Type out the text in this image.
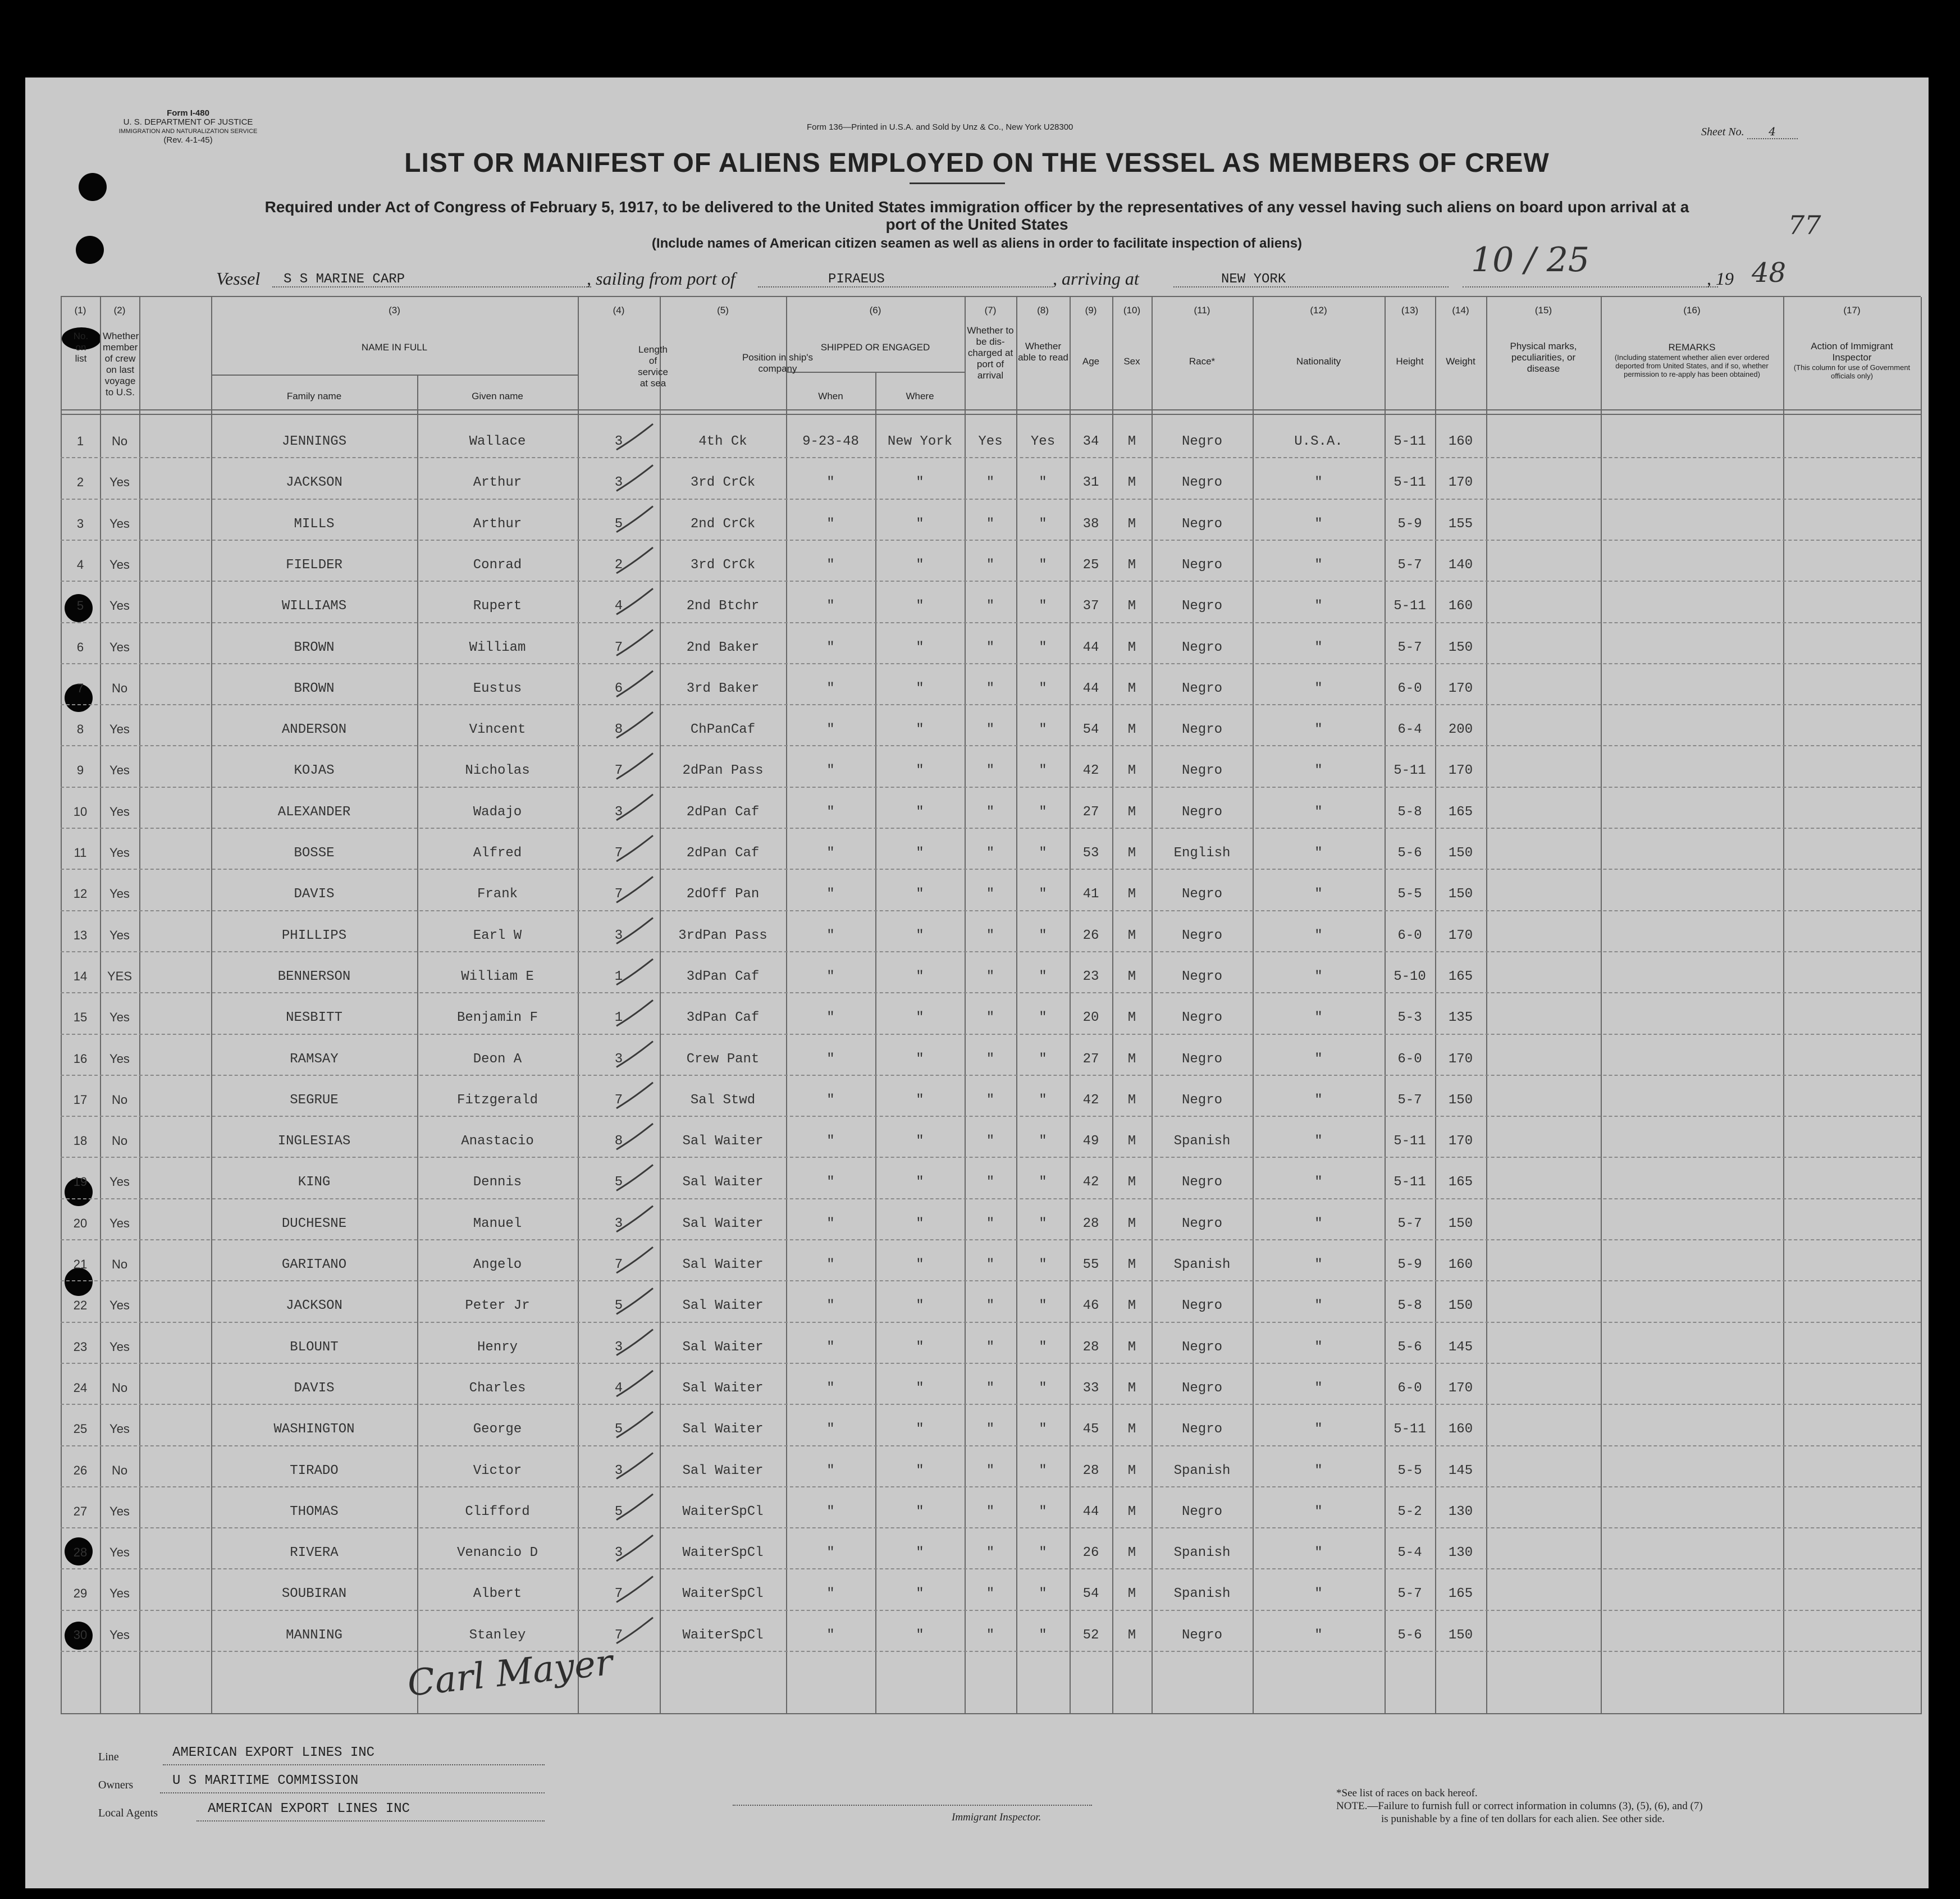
Form I-480
U. S. DEPARTMENT OF JUSTICE
IMMIGRATION AND NATURALIZATION SERVICE
(Rev. 4-1-45)
Form 136—Printed in U.S.A. and Sold by Unz & Co., New York U28300	Sheet No. 4
LIST OR MANIFEST OF ALIENS EMPLOYED ON THE VESSEL AS MEMBERS OF CREW
Required under Act of Congress of February 5, 1917, to be delivered to the United States immigration officer by the representatives of any vessel having such aliens on board upon arrival at a
port of the United States
(Include names of American citizen seamen as well as aliens in order to facilitate inspection of aliens)
77
Vessel S S MARINE CARP	, sailing from port of	PIRAEUS	, arriving at	NEW YORK	10 / 25	, 19 48
(1)	(2)	(3)	(4)	(5)	(6)	(7)	(8)	(9)	(10)	(11)	(12)	(13)	(14)	(15)	(16)	(17)
No. on list
Whether member of crew on last voyage to U.S.
NAME IN FULL
Family name	Given name
Length of service at sea
Position in ship's company
SHIPPED OR ENGAGED
When	Where
Whether to be dis-charged at port of arrival
Whether able to read	Age	Sex	Race*	Nationality	Height	Weight
Physical marks, peculiarities, or disease
REMARKS
(Including statement whether alien ever ordered deported from United States, and if so, whether permission to re-apply has been obtained)
Action of Immigrant Inspector
(This column for use of Government officials only)
1	No	JENNINGS	Wallace	3	4th Ck	9-23-48	New York	Yes	Yes	34	M	Negro	U.S.A.	5-11	160
2	Yes	JACKSON	Arthur	3	3rd CrCk	"	"	"	"	31	M	Negro	"	5-11	170
3	Yes	MILLS	Arthur	5	2nd CrCk	"	"	"	"	38	M	Negro	"	5-9	155
4	Yes	FIELDER	Conrad	2	3rd CrCk	"	"	"	"	25	M	Negro	"	5-7	140
5	Yes	WILLIAMS	Rupert	4	2nd Btchr	"	"	"	"	37	M	Negro	"	5-11	160
6	Yes	BROWN	William	7	2nd Baker	"	"	"	"	44	M	Negro	"	5-7	150
7	No	BROWN	Eustus	6	3rd Baker	"	"	"	"	44	M	Negro	"	6-0	170
8	Yes	ANDERSON	Vincent	8	ChPanCaf	"	"	"	"	54	M	Negro	"	6-4	200
9	Yes	KOJAS	Nicholas	7	2dPan Pass	"	"	"	"	42	M	Negro	"	5-11	170
10	Yes	ALEXANDER	Wadajo	3	2dPan Caf	"	"	"	"	27	M	Negro	"	5-8	165
11	Yes	BOSSE	Alfred	7	2dPan Caf	"	"	"	"	53	M	English	"	5-6	150
12	Yes	DAVIS	Frank	7	2dOff Pan	"	"	"	"	41	M	Negro	"	5-5	150
13	Yes	PHILLIPS	Earl W	3	3rdPan Pass	"	"	"	"	26	M	Negro	"	6-0	170
14	YES	BENNERSON	William E	1	3dPan Caf	"	"	"	"	23	M	Negro	"	5-10	165
15	Yes	NESBITT	Benjamin F	1	3dPan Caf	"	"	"	"	20	M	Negro	"	5-3	135
16	Yes	RAMSAY	Deon A	3	Crew Pant	"	"	"	"	27	M	Negro	"	6-0	170
17	No	SEGRUE	Fitzgerald	7	Sal Stwd	"	"	"	"	42	M	Negro	"	5-7	150
18	No	INGLESIAS	Anastacio	8	Sal Waiter	"	"	"	"	49	M	Spanish	"	5-11	170
19	Yes	KING	Dennis	5	Sal Waiter	"	"	"	"	42	M	Negro	"	5-11	165
20	Yes	DUCHESNE	Manuel	3	Sal Waiter	"	"	"	"	28	M	Negro	"	5-7	150
21	No	GARITANO	Angelo	7	Sal Waiter	"	"	"	"	55	M	Spanish	"	5-9	160
22	Yes	JACKSON	Peter Jr	5	Sal Waiter	"	"	"	"	46	M	Negro	"	5-8	150
23	Yes	BLOUNT	Henry	3	Sal Waiter	"	"	"	"	28	M	Negro	"	5-6	145
24	No	DAVIS	Charles	4	Sal Waiter	"	"	"	"	33	M	Negro	"	6-0	170
25	Yes	WASHINGTON	George	5	Sal Waiter	"	"	"	"	45	M	Negro	"	5-11	160
26	No	TIRADO	Victor	3	Sal Waiter	"	"	"	"	28	M	Spanish	"	5-5	145
27	Yes	THOMAS	Clifford	5	WaiterSpCl	"	"	"	"	44	M	Negro	"	5-2	130
28	Yes	RIVERA	Venancio D	3	WaiterSpCl	"	"	"	"	26	M	Spanish	"	5-4	130
29	Yes	SOUBIRAN	Albert	7	WaiterSpCl	"	"	"	"	54	M	Spanish	"	5-7	165
30	Yes	MANNING	Stanley	7	WaiterSpCl	"	"	"	"	52	M	Negro	"	5-6	150
Carl Mayer
Line	AMERICAN EXPORT LINES INC
Owners	U S MARITIME COMMISSION
Local Agents	AMERICAN EXPORT LINES INC
Immigrant Inspector.
*See list of races on back hereof.
NOTE.—Failure to furnish full or correct information in columns (3), (5), (6), and (7)
is punishable by a fine of ten dollars for each alien. See other side.
